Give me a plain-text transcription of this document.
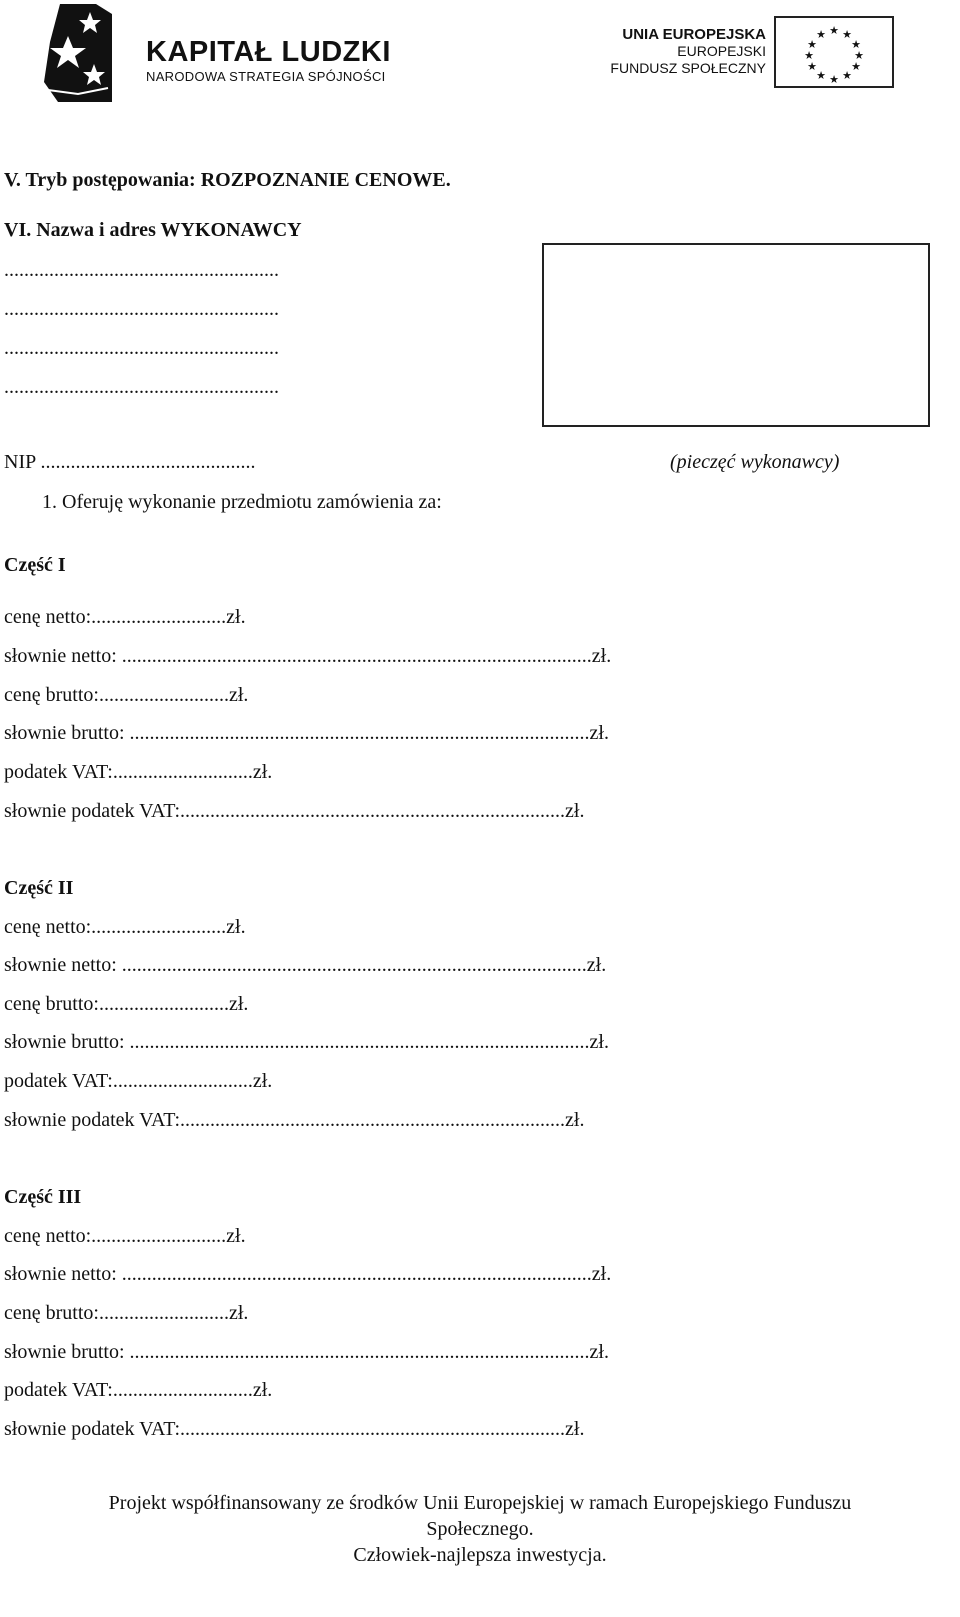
KAPITAŁ LUDZKI
NARODOWA STRATEGIA SPÓJNOŚCI
UNIA EUROPEJSKA
EUROPEJSKI
FUNDUSZ SPOŁECZNY
★ ★
★
★
★
★
★
★
★
★
★
★
V. Tryb postępowania: ROZPOZNANIE CENOWE.
VI. Nazwa i adres WYKONAWCY
.......................................................
.......................................................
.......................................................
.......................................................
NIP ...........................................	(pieczęć wykonawcy)
1. Oferuję wykonanie przedmiotu zamówienia za:
Część I
cenę netto:...........................zł.
słownie netto: ..............................................................................................zł.
cenę brutto:..........................zł.
słownie brutto: ............................................................................................zł.
podatek VAT:............................zł.
słownie podatek VAT:.............................................................................zł.
Część II
cenę netto:...........................zł.
słownie netto: .............................................................................................zł.
cenę brutto:..........................zł.
słownie brutto: ............................................................................................zł.
podatek VAT:............................zł.
słownie podatek VAT:.............................................................................zł.
Część III
cenę netto:...........................zł.
słownie netto: ..............................................................................................zł.
cenę brutto:..........................zł.
słownie brutto: ............................................................................................zł.
podatek VAT:............................zł.
słownie podatek VAT:.............................................................................zł.
Projekt współfinansowany ze środków Unii Europejskiej w ramach Europejskiego Funduszu
Społecznego.
Człowiek-najlepsza inwestycja.
